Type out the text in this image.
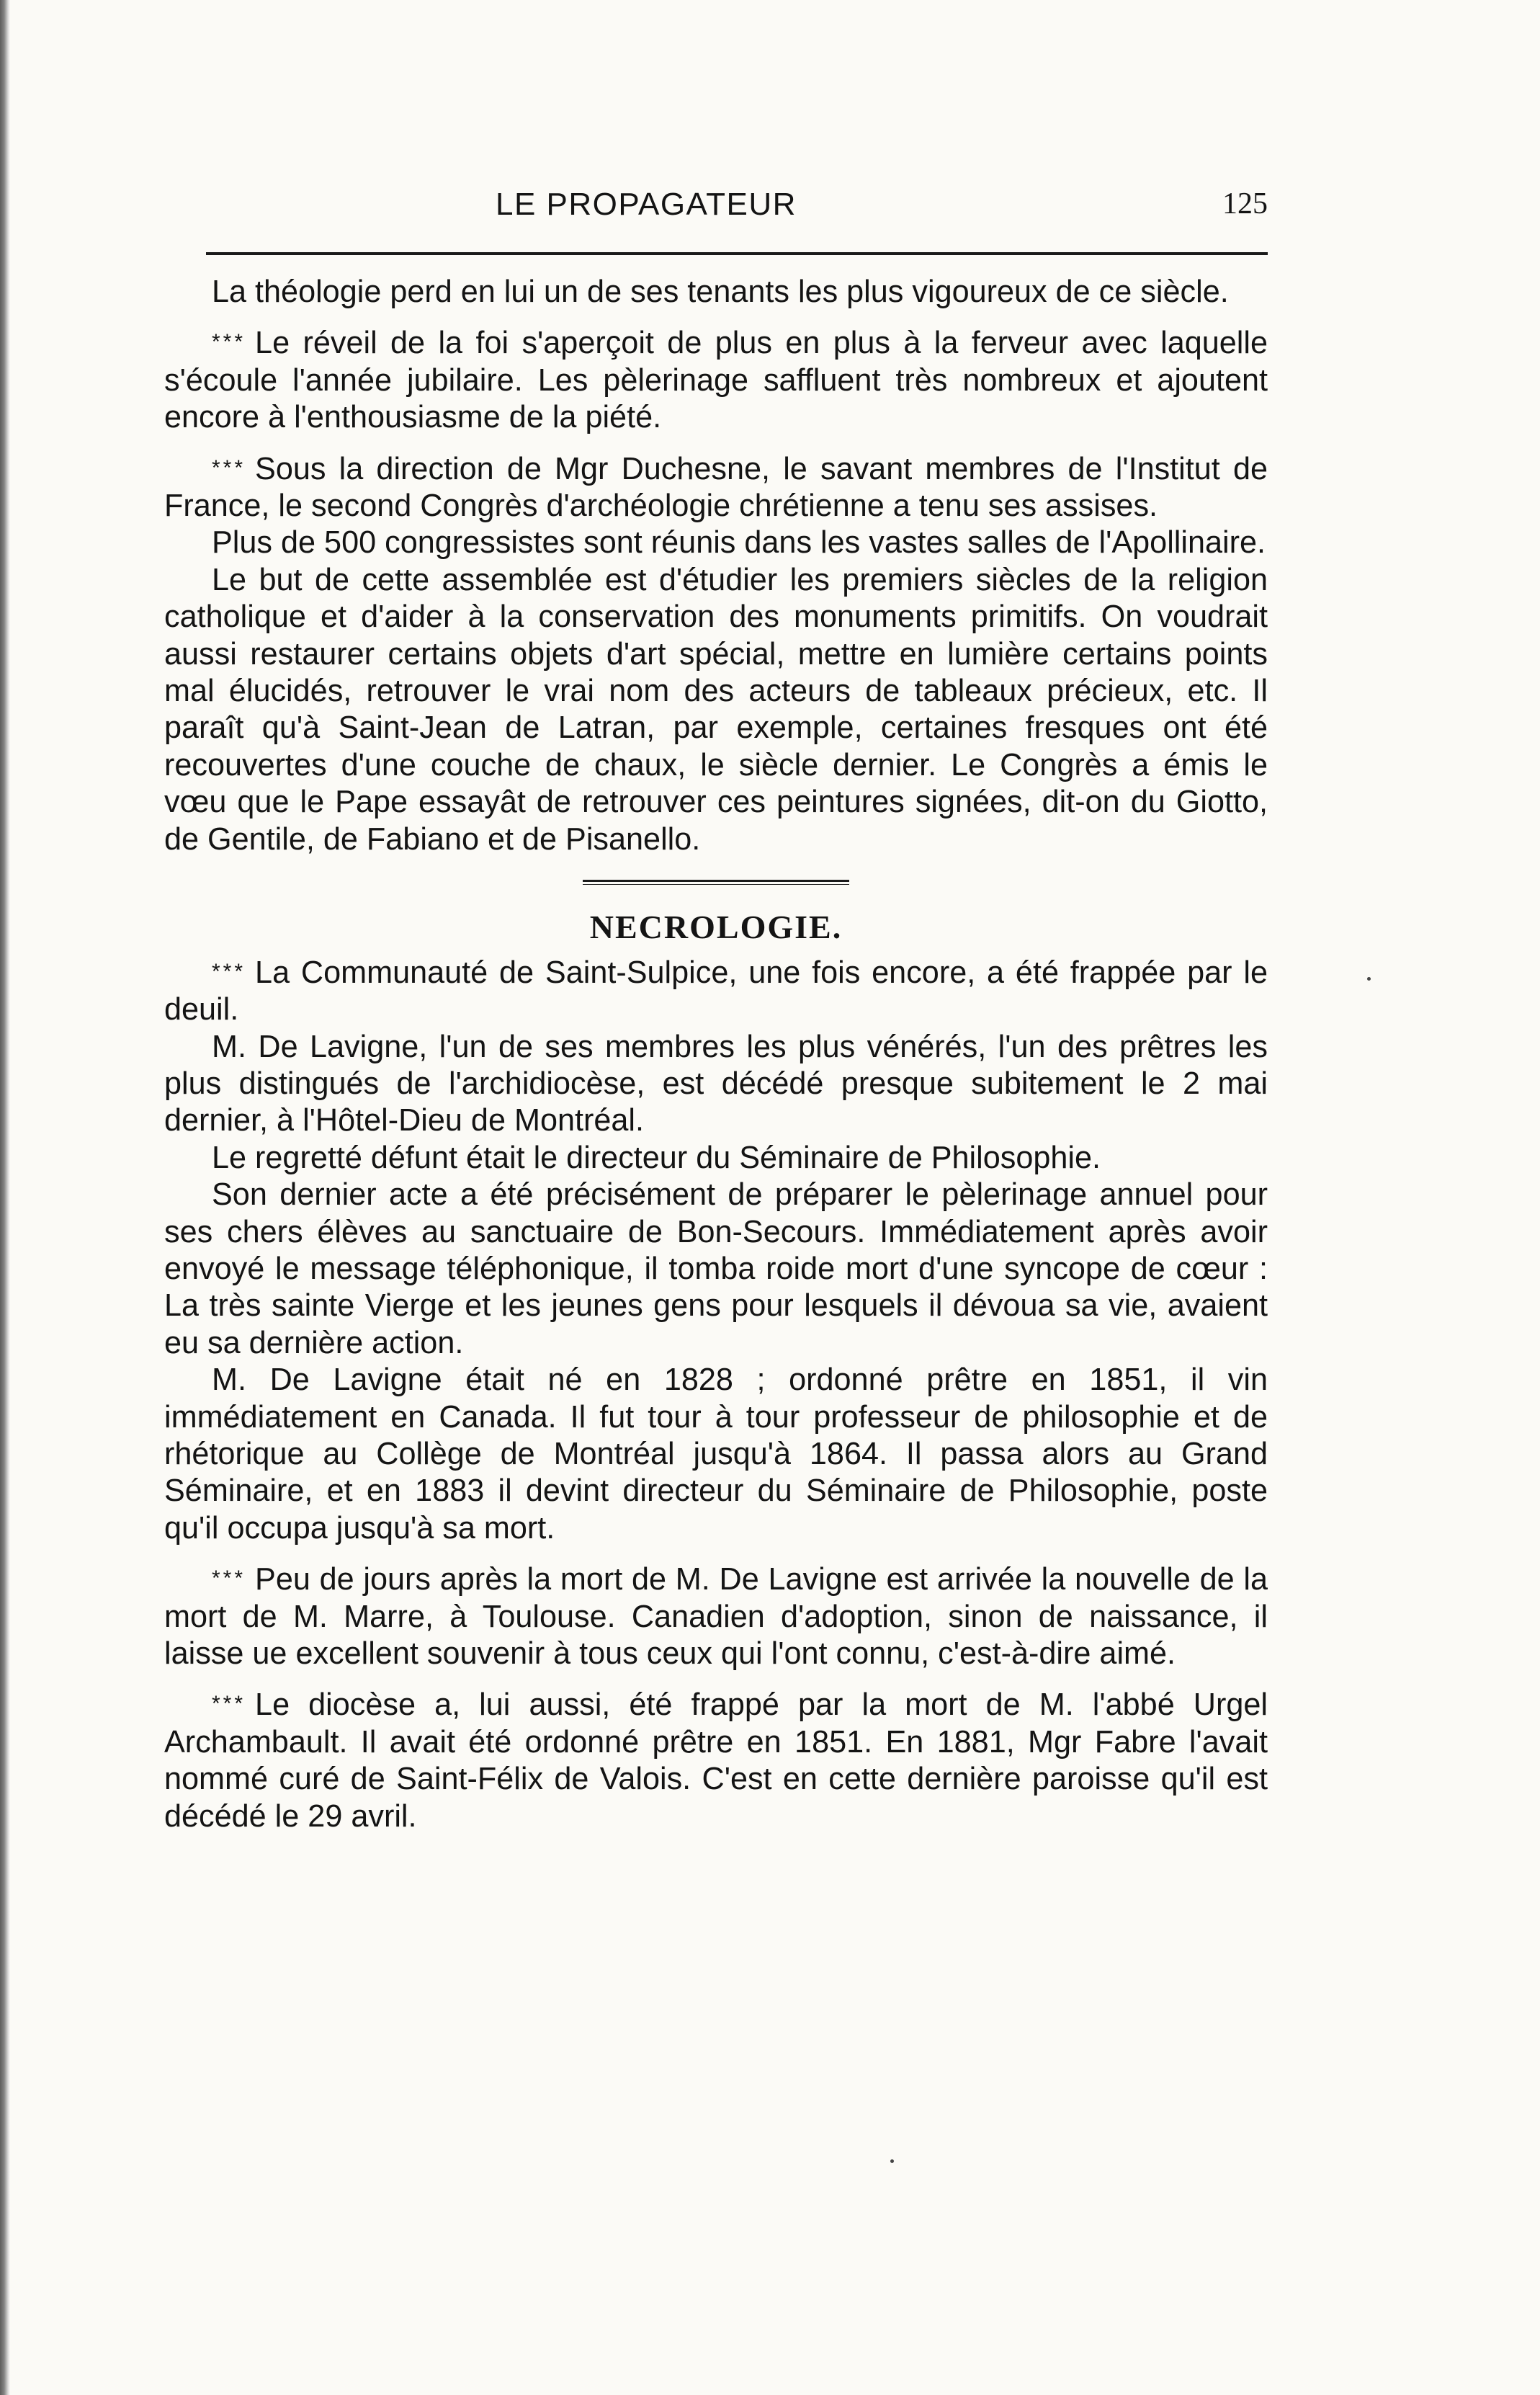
LE PROPAGATEUR	125

La théologie perd en lui un de ses tenants les plus vigoureux de ce siècle.

* * * Le réveil de la foi s'aperçoit de plus en plus à la ferveur avec laquelle s'écoule l'année jubilaire. Les pèlerinage saffluent très nombreux et ajoutent encore à l'enthousiasme de la piété.

* * * Sous la direction de Mgr Duchesne, le savant membres de l'Institut de France, le second Congrès d'archéologie chrétienne a tenu ses assises.

Plus de 500 congressistes sont réunis dans les vastes salles de l'Apollinaire.

Le but de cette assemblée est d'étudier les premiers siècles de la religion catholique et d'aider à la conservation des monuments primitifs. On voudrait aussi restaurer certains objets d'art spécial, mettre en lumière certains points mal élucidés, retrouver le vrai nom des acteurs de tableaux précieux, etc. Il paraît qu'à Saint-Jean de Latran, par exemple, certaines fresques ont été recouvertes d'une couche de chaux, le siècle dernier. Le Congrès a émis le vœu que le Pape essayât de retrouver ces peintures signées, dit-on du Giotto, de Gentile, de Fabiano et de Pisanello.

NECROLOGIE.

* * * La Communauté de Saint-Sulpice, une fois encore, a été frappée par le deuil.

M. De Lavigne, l'un de ses membres les plus vénérés, l'un des prêtres les plus distingués de l'archidiocèse, est décédé presque subitement le 2 mai dernier, à l'Hôtel-Dieu de Montréal.

Le regretté défunt était le directeur du Séminaire de Philosophie.

Son dernier acte a été précisément de préparer le pèlerinage annuel pour ses chers élèves au sanctuaire de Bon-Secours. Immédiatement après avoir envoyé le message téléphonique, il tomba roide mort d'une syncope de cœur : La très sainte Vierge et les jeunes gens pour lesquels il dévoua sa vie, avaient eu sa dernière action.

M. De Lavigne était né en 1828 ; ordonné prêtre en 1851, il vin immédiatement en Canada. Il fut tour à tour professeur de philosophie et de rhétorique au Collège de Montréal jusqu'à 1864. Il passa alors au Grand Séminaire, et en 1883 il devint directeur du Séminaire de Philosophie, poste qu'il occupa jusqu'à sa mort.

* * * Peu de jours après la mort de M. De Lavigne est arrivée la nouvelle de la mort de M. Marre, à Toulouse. Canadien d'adoption, sinon de naissance, il laisse ue excellent souvenir à tous ceux qui l'ont connu, c'est-à-dire aimé.

* * * Le diocèse a, lui aussi, été frappé par la mort de M. l'abbé Urgel Archambault. Il avait été ordonné prêtre en 1851. En 1881, Mgr Fabre l'avait nommé curé de Saint-Félix de Valois. C'est en cette dernière paroisse qu'il est décédé le 29 avril.
